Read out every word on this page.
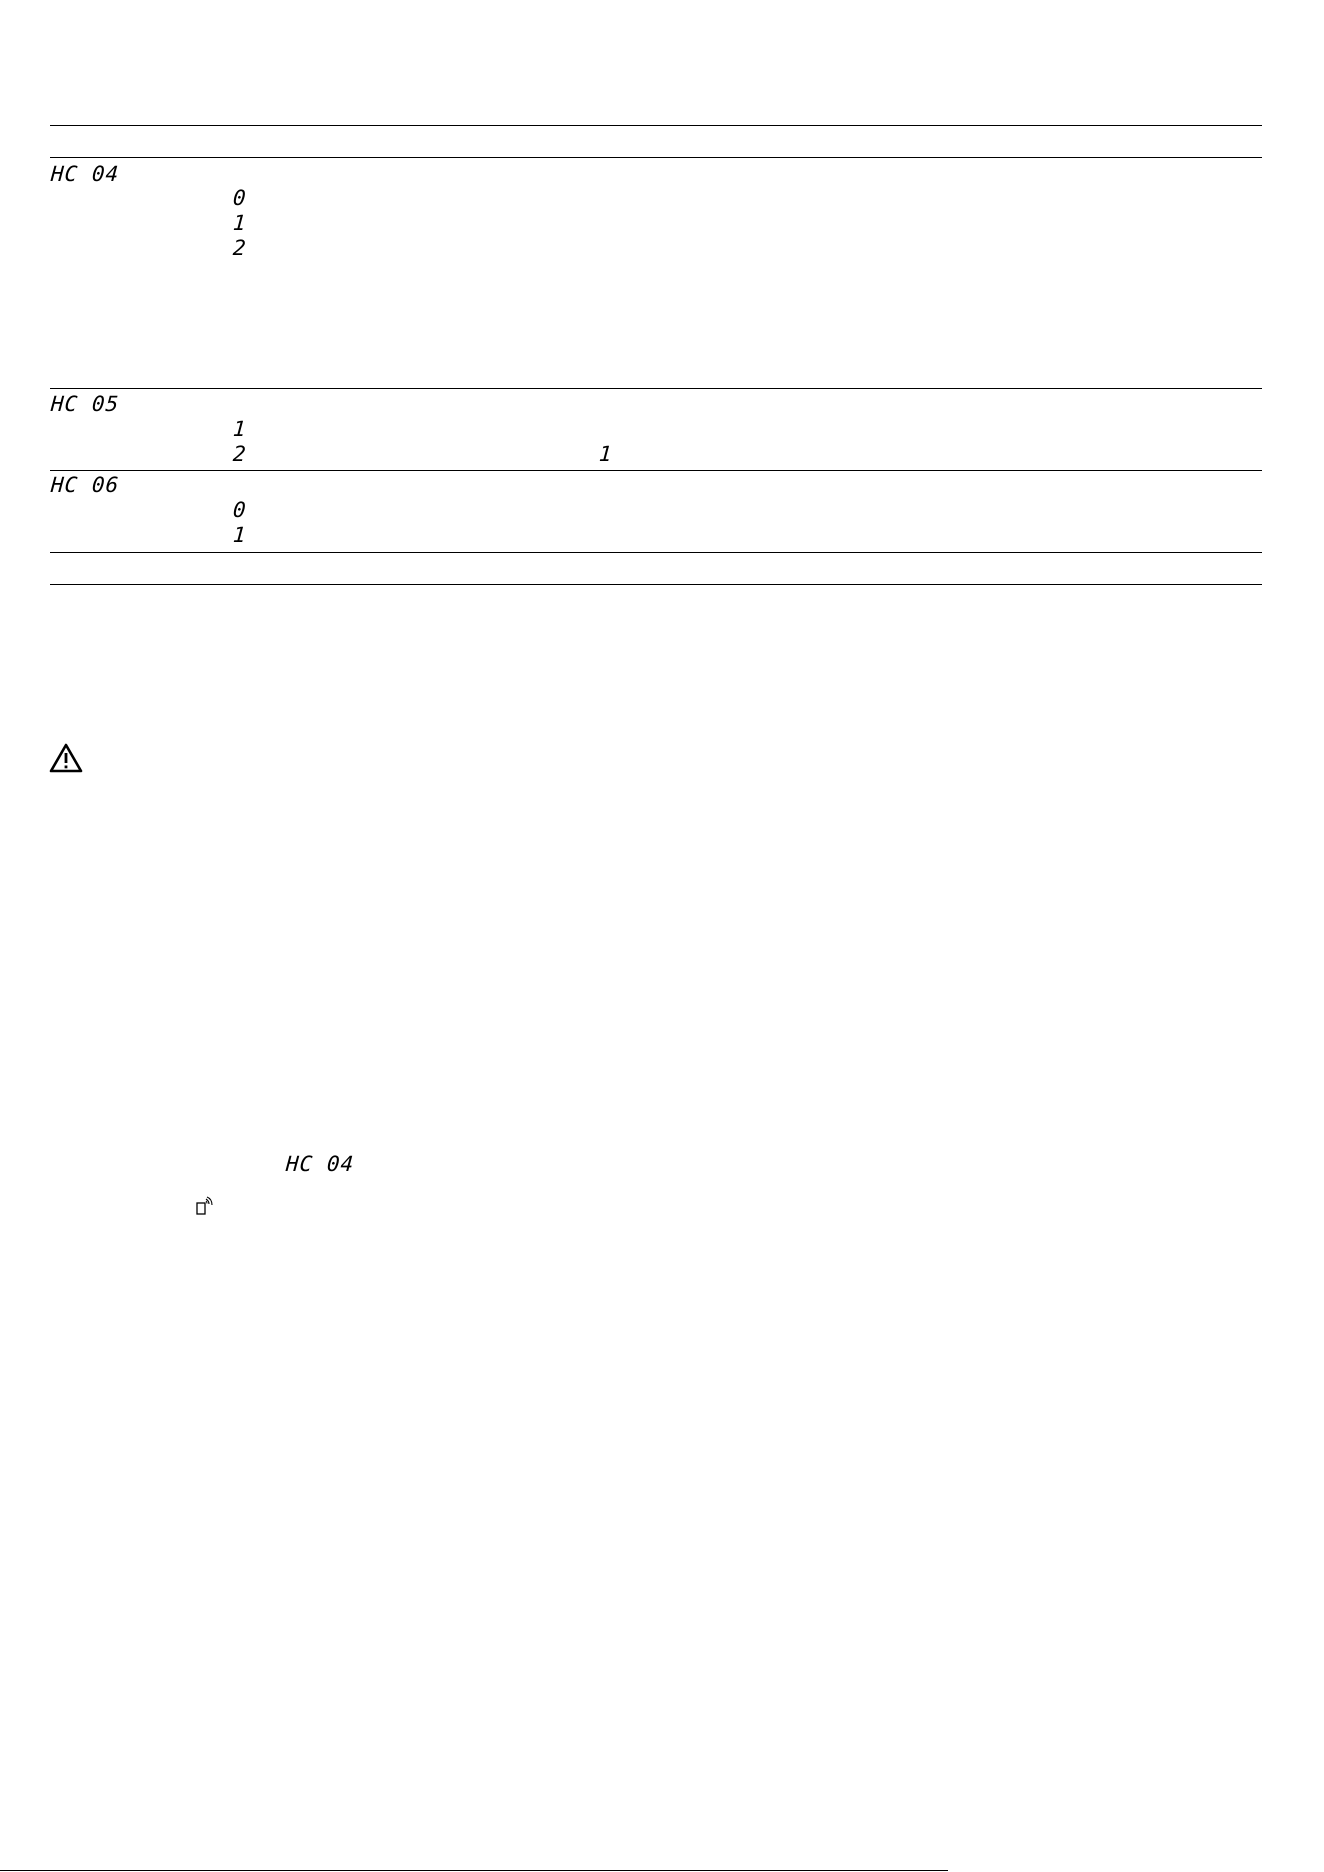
HC 04
0
1
2
HC 05
1
2	1
HC 06
0
1
HC 04
